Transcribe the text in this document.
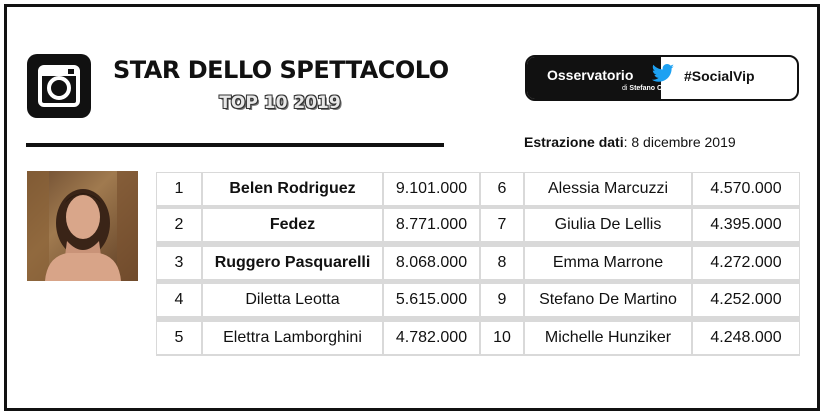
STAR DELLO SPETTACOLO
TOP 10 2019
Osservatorio
di Stefano Chiarazzo
#SocialVip
Estrazione dati: 8 dicembre 2019
1	Belen Rodriguez	9.101.000
2	Fedez	8.771.000
3	Ruggero Pasquarelli	8.068.000
4	Diletta Leotta	5.615.000
5	Elettra Lamborghini	4.782.000
6	Alessia Marcuzzi	4.570.000
7	Giulia De Lellis	4.395.000
8	Emma Marrone	4.272.000
9	Stefano De Martino	4.252.000
10	Michelle Hunziker	4.248.000
